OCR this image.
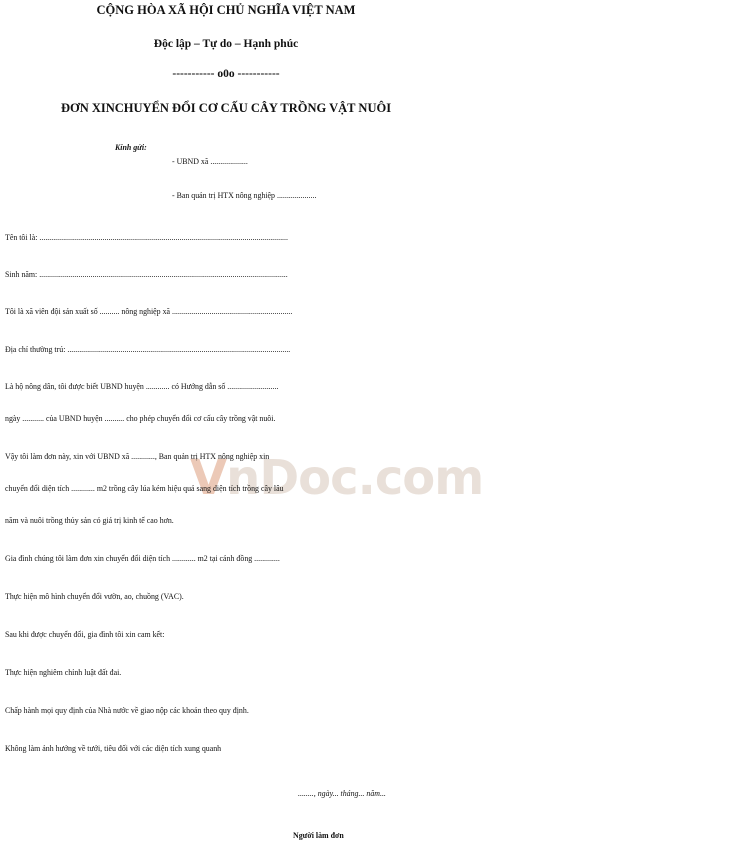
VnDoc.com
CỘNG HÒA XÃ HỘI CHỦ NGHĨA VIỆT NAM
Độc lập – Tự do – Hạnh phúc
----------- o0o -----------
ĐƠN XINCHUYỂN ĐỔI CƠ CẤU CÂY TRỒNG VẬT NUÔI
Kính gửi:
- UBND xã ...................
- Ban quản trị HTX nông nghiệp ....................
Tên tôi là: ..............................................................................................................................
Sinh năm: ..............................................................................................................................
Tôi là xã viên đội sản xuất số .......... nông nghiệp xã .............................................................
Địa chỉ thường trú: .................................................................................................................
Là hộ nông dân, tôi được biết UBND huyện ............ có Hướng dẫn số ..........................
ngày ........... của UBND huyện .......... cho phép chuyển đổi cơ cấu cây trồng vật nuôi.
Vậy tôi làm đơn này, xin với UBND xã ............, Ban quản trị HTX nông nghiệp xin
chuyển đổi diện tích ............ m2 trồng cây lúa kém hiệu quả sang diện tích trồng cây lâu
năm và nuôi trồng thủy sản có giá trị kinh tế cao hơn.
Gia đình chúng tôi làm đơn xin chuyển đổi diện tích ............ m2 tại cánh đồng .............
Thực hiện mô hình chuyển đổi vườn, ao, chuồng (VAC).
Sau khi được chuyển đổi, gia đình tôi xin cam kết:
Thực hiện nghiêm chỉnh luật đất đai.
Chấp hành mọi quy định của Nhà nước về giao nộp các khoản theo quy định.
Không làm ảnh hưởng về tưới, tiêu đối với các diện tích xung quanh
........, ngày... tháng... năm...
Người làm đơn
